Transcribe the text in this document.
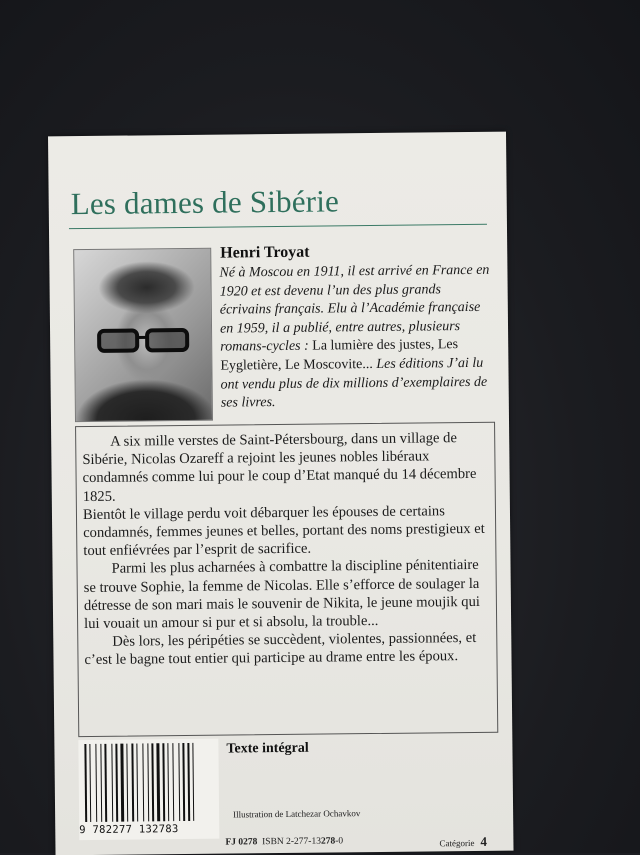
Les dames de Sibérie
Henri Troyat
Né à Moscou en 1911, il est arrivé en France en 1920 et est devenu l’un des plus grands écrivains français. Elu à l’Académie française en 1959, il a publié, entre autres, plusieurs romans-cycles : La lumière des justes, Les Eygletière, Le Moscovite... Les éditions J’ai lu ont vendu plus de dix millions d’exemplaires de ses livres.

A six mille verstes de Saint-Pétersbourg, dans un village de Sibérie, Nicolas Ozareff a rejoint les jeunes nobles libéraux condamnés comme lui pour le coup d’Etat manqué du 14 décembre 1825.

Bientôt le village perdu voit débarquer les épouses de certains condamnés, femmes jeunes et belles, portant des noms prestigieux et tout enfiévrées par l’esprit de sacrifice.

Parmi les plus acharnées à combattre la discipline pénitentiaire se trouve Sophie, la femme de Nicolas. Elle s’efforce de soulager la détresse de son mari mais le souvenir de Nikita, le jeune moujik qui lui vouait un amour si pur et si absolu, la trouble...

Dès lors, les péripéties se succèdent, violentes, passionnées, et c’est le bagne tout entier qui participe au drame entre les époux.

9 782277 132783
Texte intégral
Illustration de Latchezar Ochavkov
FJ 0278 ISBN 2-277-13278-0	Catégorie 4
